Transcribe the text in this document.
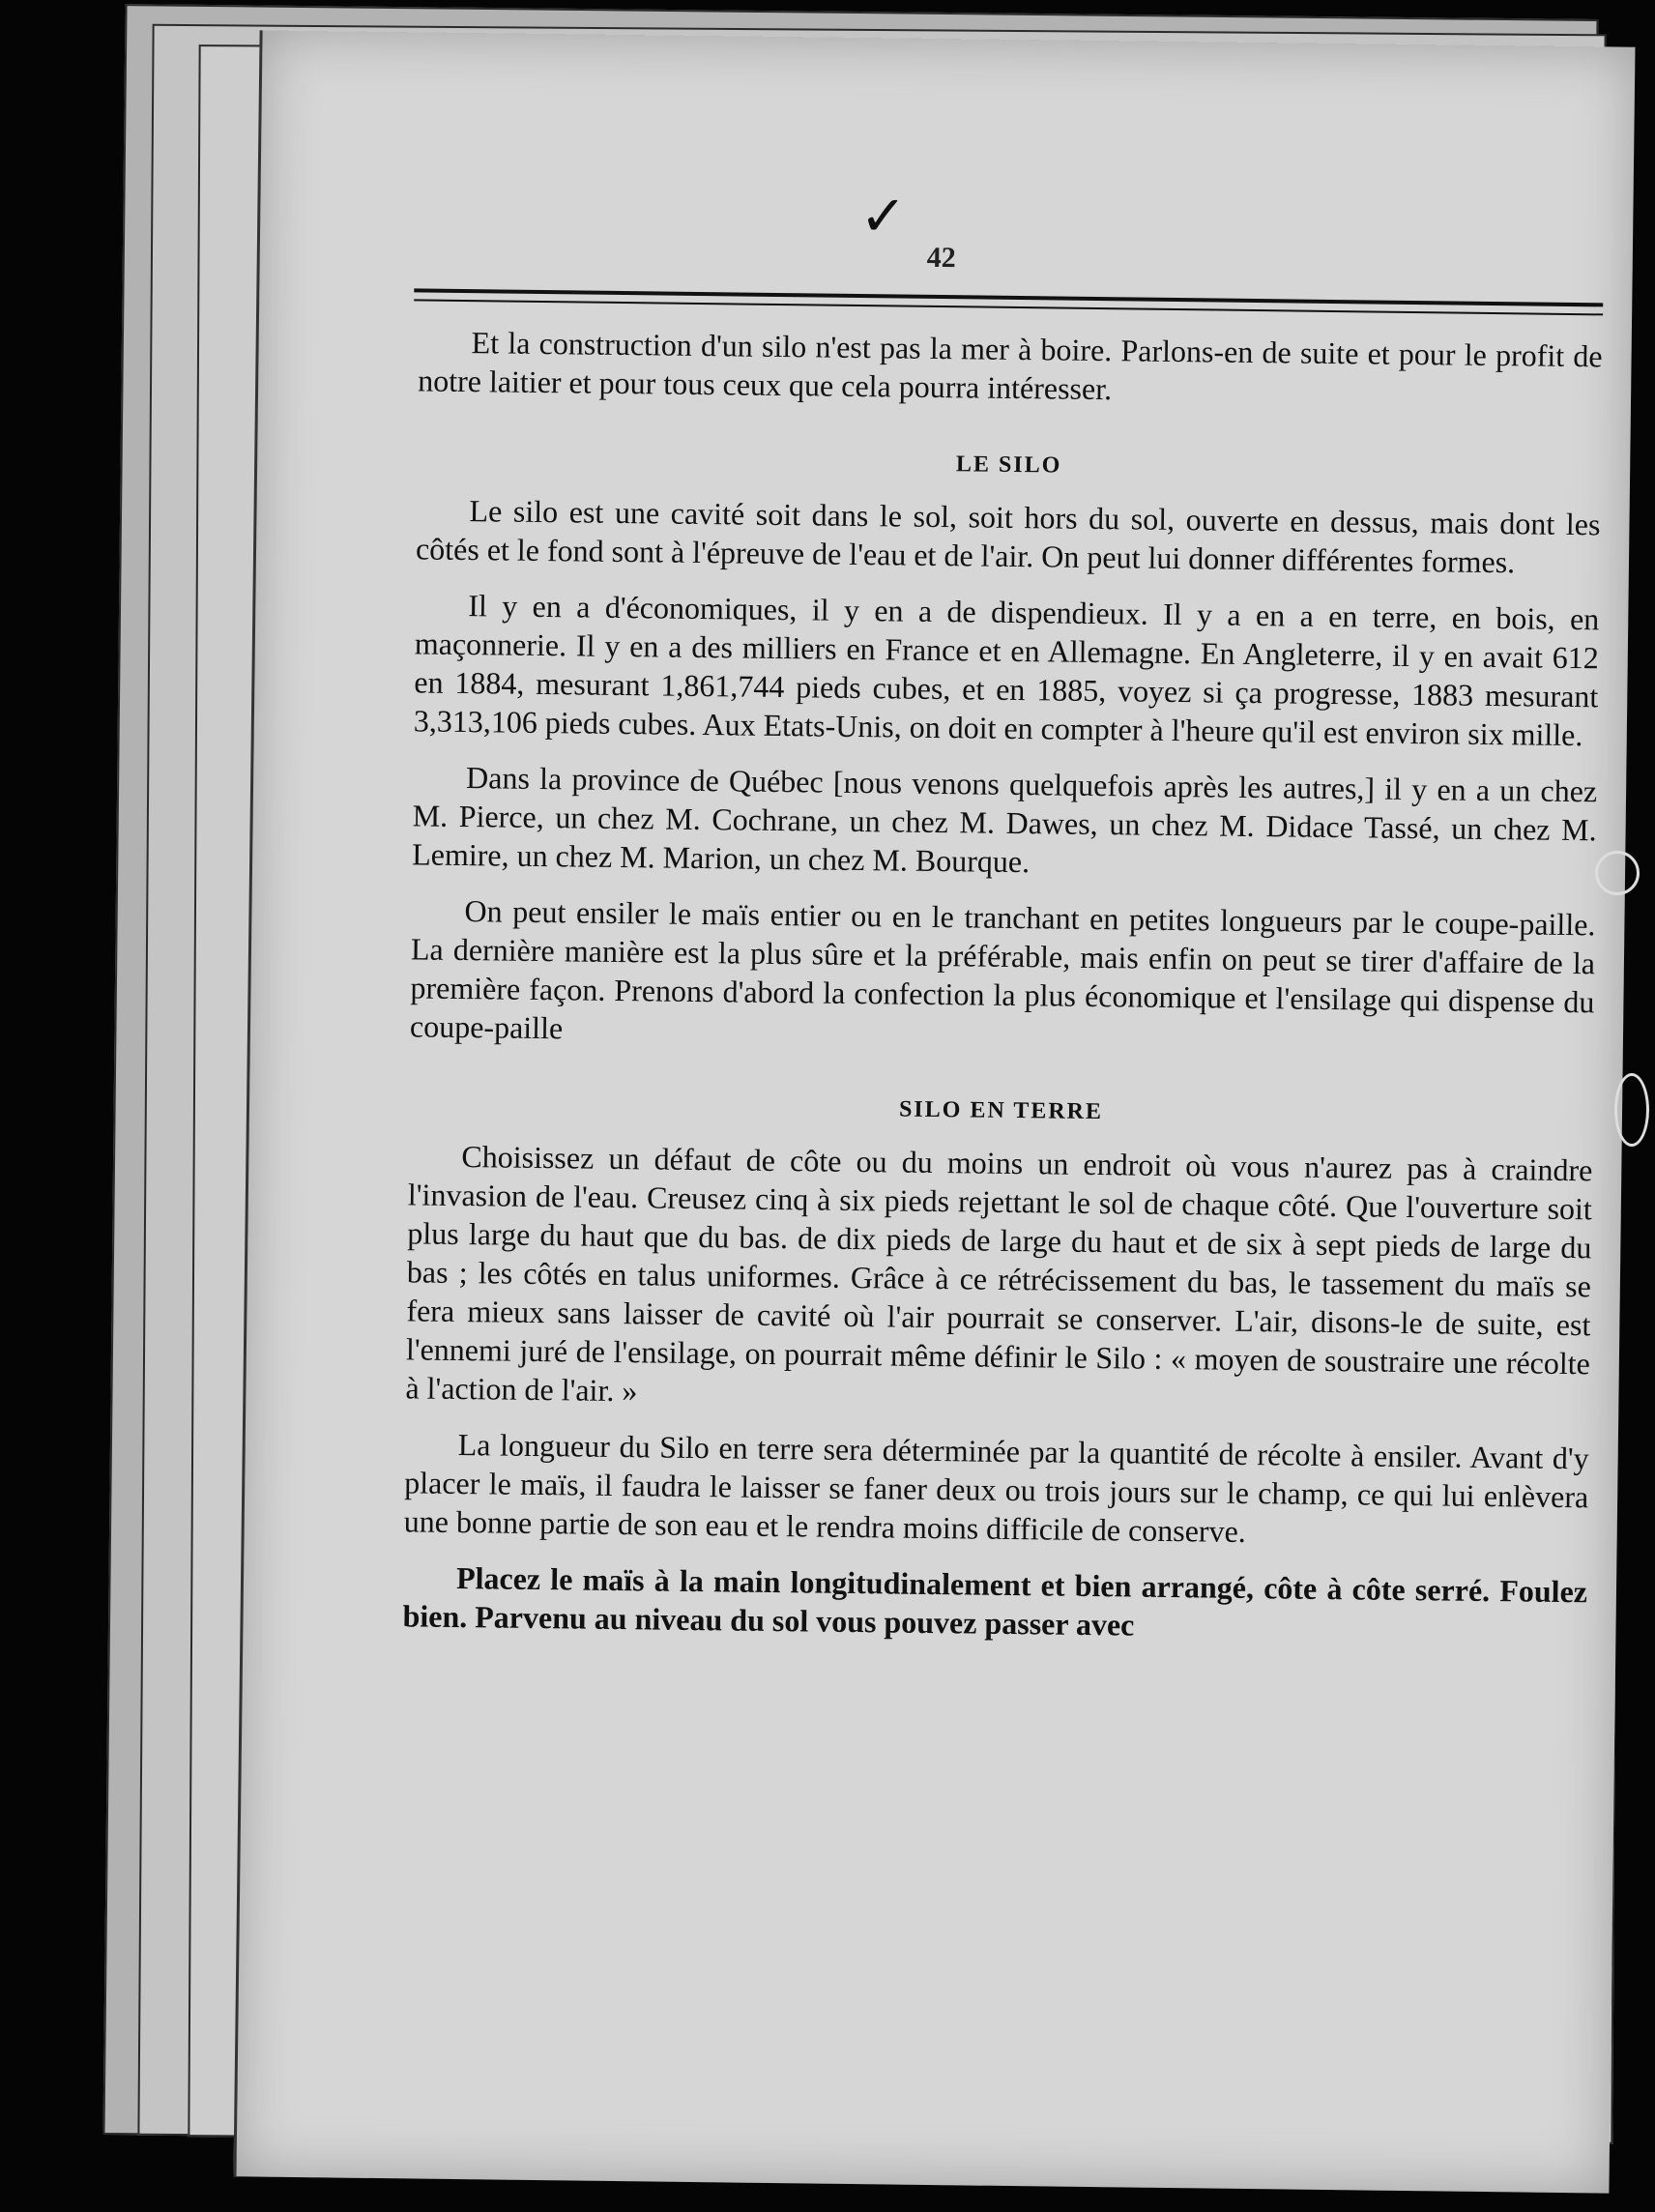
✓
42

Et la construction d'un silo n'est pas la mer à boire. Parlons-en de suite et pour le profit de notre laitier et pour tous ceux que cela pourra intéresser.

LE SILO

Le silo est une cavité soit dans le sol, soit hors du sol, ouverte en dessus, mais dont les côtés et le fond sont à l'épreuve de l'eau et de l'air. On peut lui donner différentes formes.

Il y en a d'économiques, il y en a de dispendieux. Il y a en a en terre, en bois, en maçonnerie. Il y en a des milliers en France et en Allemagne. En Angleterre, il y en avait 612 en 1884, mesurant 1,861,744 pieds cubes, et en 1885, voyez si ça progresse, 1883 mesurant 3,313,106 pieds cubes. Aux Etats-Unis, on doit en compter à l'heure qu'il est environ six mille.

Dans la province de Québec [nous venons quelquefois après les autres,] il y en a un chez M. Pierce, un chez M. Cochrane, un chez M. Dawes, un chez M. Didace Tassé, un chez M. Lemire, un chez M. Marion, un chez M. Bourque.

On peut ensiler le maïs entier ou en le tranchant en petites longueurs par le coupe-paille. La dernière manière est la plus sûre et la préférable, mais enfin on peut se tirer d'affaire de la première façon. Prenons d'abord la confection la plus économique et l'ensilage qui dispense du coupe-paille

SILO EN TERRE

Choisissez un défaut de côte ou du moins un endroit où vous n'aurez pas à craindre l'invasion de l'eau. Creusez cinq à six pieds rejettant le sol de chaque côté. Que l'ouverture soit plus large du haut que du bas. de dix pieds de large du haut et de six à sept pieds de large du bas ; les côtés en talus uniformes. Grâce à ce rétrécissement du bas, le tassement du maïs se fera mieux sans laisser de cavité où l'air pourrait se conserver. L'air, disons-le de suite, est l'ennemi juré de l'ensilage, on pourrait même définir le Silo : « moyen de soustraire une récolte à l'action de l'air. »

La longueur du Silo en terre sera déterminée par la quantité de récolte à ensiler. Avant d'y placer le maïs, il faudra le laisser se faner deux ou trois jours sur le champ, ce qui lui enlèvera une bonne partie de son eau et le rendra moins difficile de conserve.

Placez le maïs à la main longitudinalement et bien arrangé, côte à côte serré. Foulez bien. Parvenu au niveau du sol vous pouvez passer avec
